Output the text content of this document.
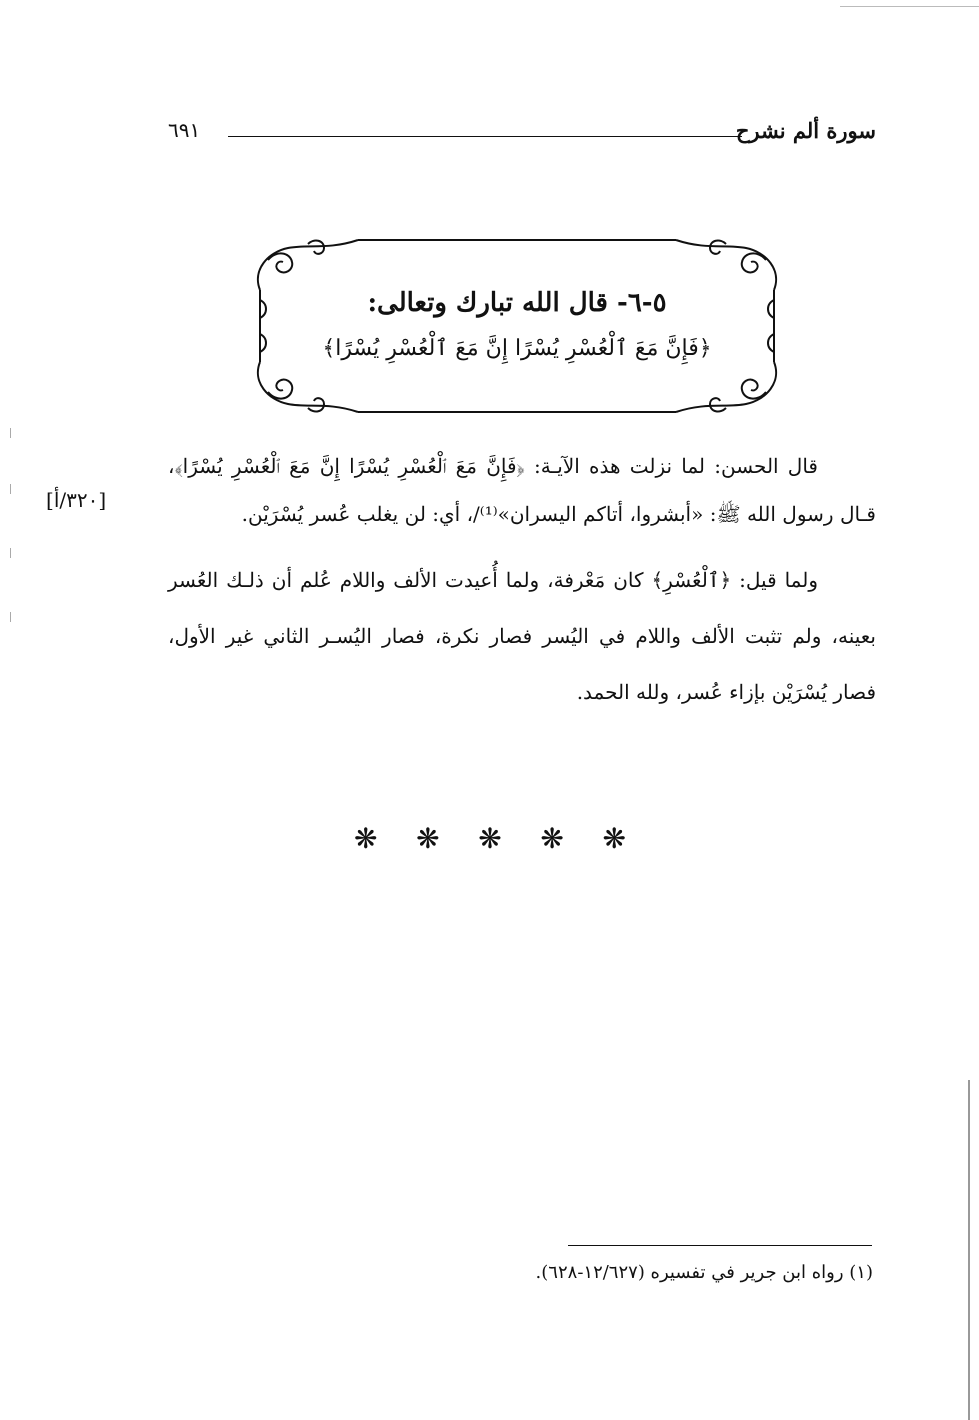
سورة ألم نشرح
٦٩١
٥-٦- قال الله تبارك وتعالى:
﴿فَإِنَّ مَعَ ٱلْعُسْرِ يُسْرًا إِنَّ مَعَ ٱلْعُسْرِ يُسْرًا﴾

قال الحسن: لما نزلت هذه الآيـة: ﴿فَإِنَّ مَعَ ٱلْعُسْرِ يُسْرًا إِنَّ مَعَ ٱلْعُسْرِ يُسْرًا﴾، قـال رسول الله ﷺ: «أبشروا، أتاكم اليسران»⁽¹⁾/، أي: لن يغلب عُسر يُسْرَيْن.

[٣٢٠/أ]

ولما قيل: ﴿ٱلْعُسْرِ﴾ كان مَعْرفة، ولما أُعيدت الألف واللام عُلم أن ذلـك العُسر بعينه، ولم تثبت الألف واللام في اليُسر فصار نكرة، فصار اليُسـر الثاني غير الأول، فصار يُسْرَيْن بإزاء عُسر، ولله الحمد.

❋ ❋ ❋ ❋ ❋
(١) رواه ابن جرير في تفسيره (١٢/٦٢٧-٦٢٨).
